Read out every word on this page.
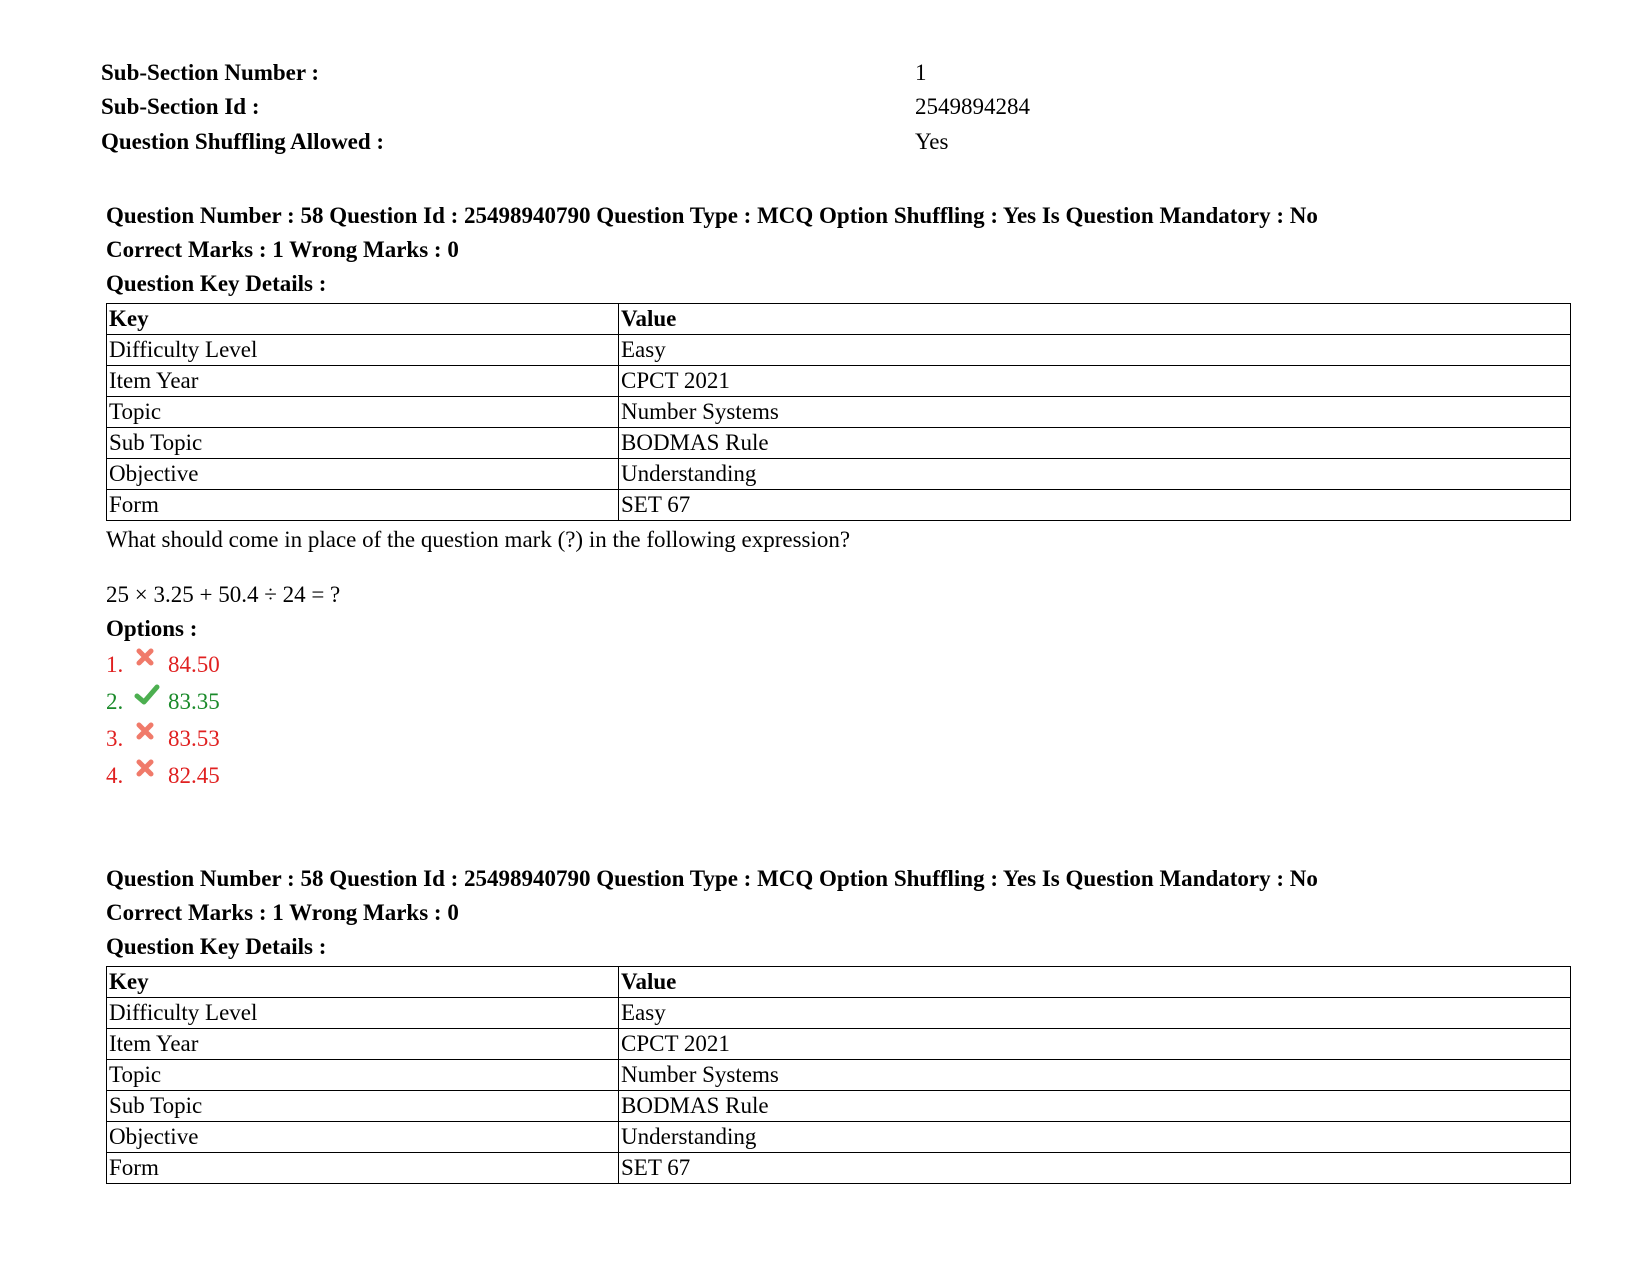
Sub-Section Number :	1
Sub-Section Id :	2549894284
Question Shuffling Allowed :	Yes
Question Number : 58 Question Id : 25498940790 Question Type : MCQ Option Shuffling : Yes Is Question Mandatory : No
Correct Marks : 1 Wrong Marks : 0
Question Key Details :
Key	Value
Difficulty Level	Easy
Item Year	CPCT 2021
Topic	Number Systems
Sub Topic	BODMAS Rule
Objective	Understanding
Form	SET 67
What should come in place of the question mark (?) in the following expression?
25 × 3.25 + 50.4 ÷ 24 = ?
Options :
1.	84.50
2.	83.35
3.	83.53
4.	82.45
Question Number : 58 Question Id : 25498940790 Question Type : MCQ Option Shuffling : Yes Is Question Mandatory : No
Correct Marks : 1 Wrong Marks : 0
Question Key Details :
Key	Value
Difficulty Level	Easy
Item Year	CPCT 2021
Topic	Number Systems
Sub Topic	BODMAS Rule
Objective	Understanding
Form	SET 67
